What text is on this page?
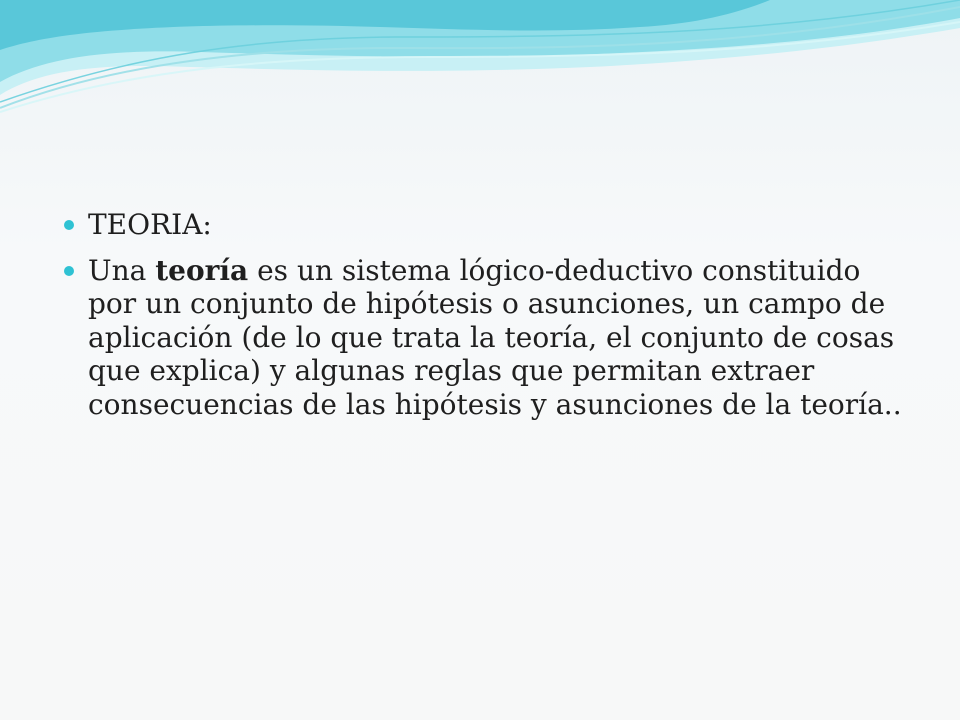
TEORIA:
Una teoría es un sistema lógico-deductivo constituido por un conjunto de hipótesis o asunciones, un campo de aplicación (de lo que trata la teoría, el conjunto de cosas que explica) y algunas reglas que permitan extraer consecuencias de las hipótesis y asunciones de la teoría..
